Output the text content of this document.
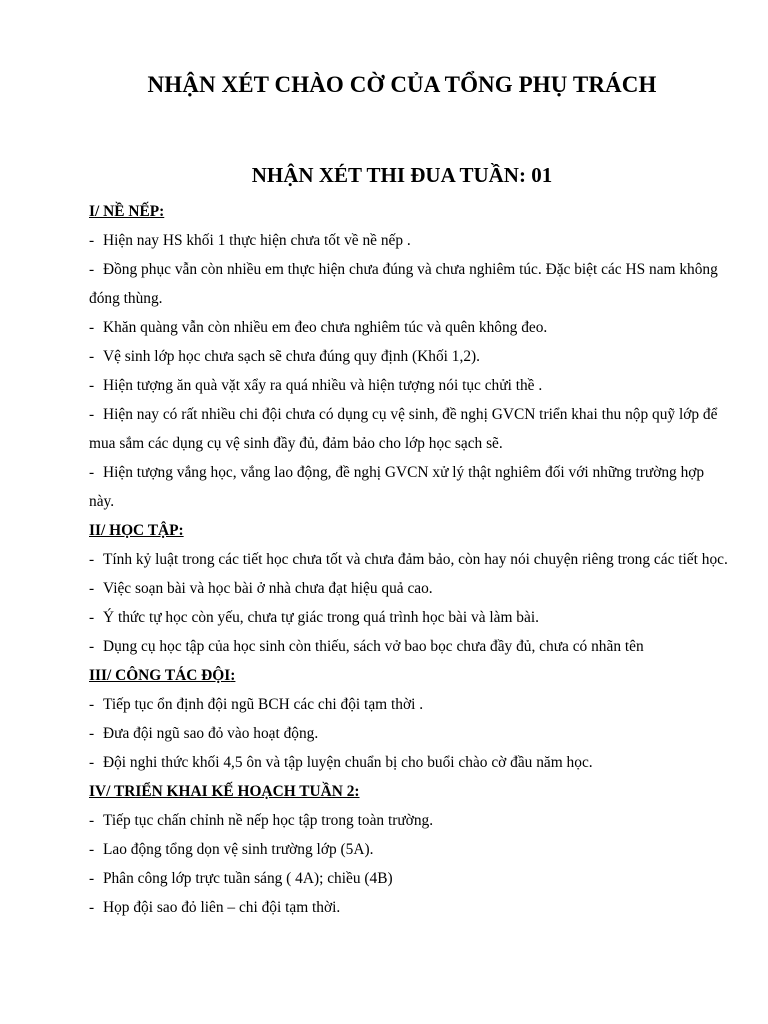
NHẬN XÉT CHÀO CỜ CỦA TỔNG PHỤ TRÁCH
NHẬN XÉT THI ĐUA TUẦN: 01
I/ NỀ NẾP:

- Hiện nay HS khối 1 thực hiện chưa tốt về nề nếp .

- Đồng phục vẫn còn nhiều em thực hiện chưa đúng và chưa nghiêm túc. Đặc biệt các HS nam không đóng thùng.

- Khăn quàng vẫn còn nhiều em đeo chưa nghiêm túc và quên không đeo.

- Vệ sinh lớp học chưa sạch sẽ chưa đúng quy định (Khối 1,2).

- Hiện tượng ăn quà vặt xẩy ra quá nhiều và hiện tượng nói tục chửi thề .

- Hiện nay có rất nhiều chi đội chưa có dụng cụ vệ sinh, đề nghị GVCN triển khai thu nộp quỹ lớp để mua sắm các dụng cụ vệ sinh đầy đủ, đảm bảo cho lớp học sạch sẽ.

- Hiện tượng vắng học, vắng lao động, đề nghị GVCN xử lý thật nghiêm đối với những trường hợp này.

II/ HỌC TẬP:

- Tính kỷ luật trong các tiết học chưa tốt và chưa đảm bảo, còn hay nói chuyện riêng trong các tiết học.

- Việc soạn bài và học bài ở nhà chưa đạt hiệu quả cao.

- Ý thức tự học còn yếu, chưa tự giác trong quá trình học bài và làm bài.

- Dụng cụ học tập của học sinh còn thiếu, sách vở bao bọc chưa đầy đủ, chưa có nhãn tên

III/ CÔNG TÁC ĐỘI:

- Tiếp tục ổn định đội ngũ BCH các chi đội tạm thời .

- Đưa đội ngũ sao đỏ vào hoạt động.

- Đội nghi thức khối 4,5 ôn và tập luyện chuẩn bị cho buổi chào cờ đầu năm học.

IV/ TRIỂN KHAI KẾ HOẠCH TUẦN 2:

- Tiếp tục chấn chỉnh nề nếp học tập trong toàn trường.

- Lao động tổng dọn vệ sinh trường lớp (5A).

- Phân công lớp trực tuần sáng ( 4A); chiều (4B)

- Họp đội sao đỏ liên – chi đội tạm thời.
